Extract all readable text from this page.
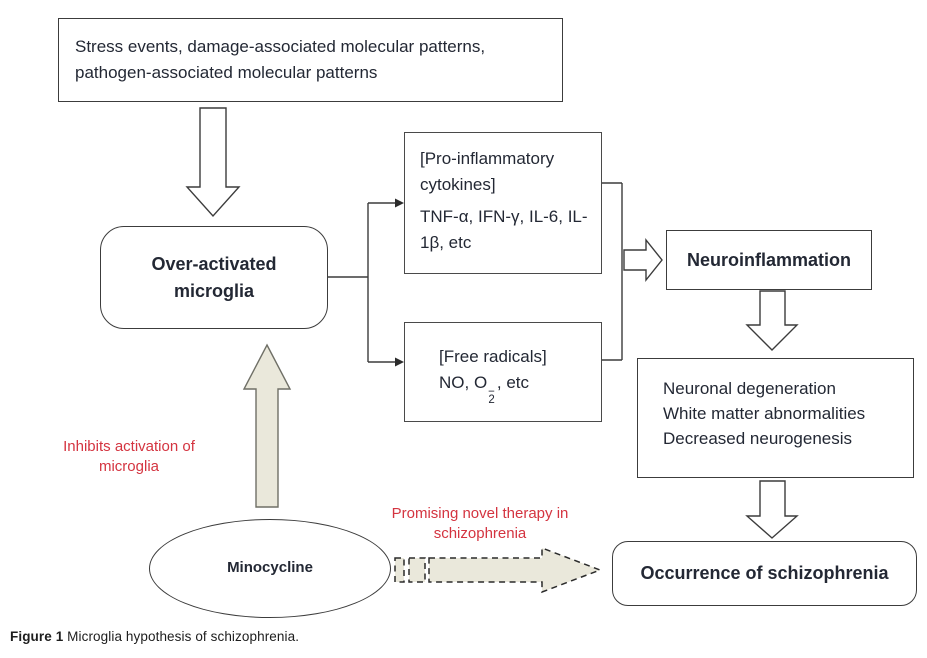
Stress events, damage-associated molecular patterns, pathogen-associated molecular patterns
Over-activated microglia
[Pro-inflammatory cytokines]
TNF-α, IFN-γ, IL-6, IL-1β, etc
[Free radicals]
NO, O −
2
, etc
Neuroinflammation
Neuronal degeneration
White matter abnormalities
Decreased neurogenesis
Occurrence of schizophrenia
Minocycline
Inhibits activation of microglia
Promising novel therapy in schizophrenia
Figure 1 Microglia hypothesis of schizophrenia.
